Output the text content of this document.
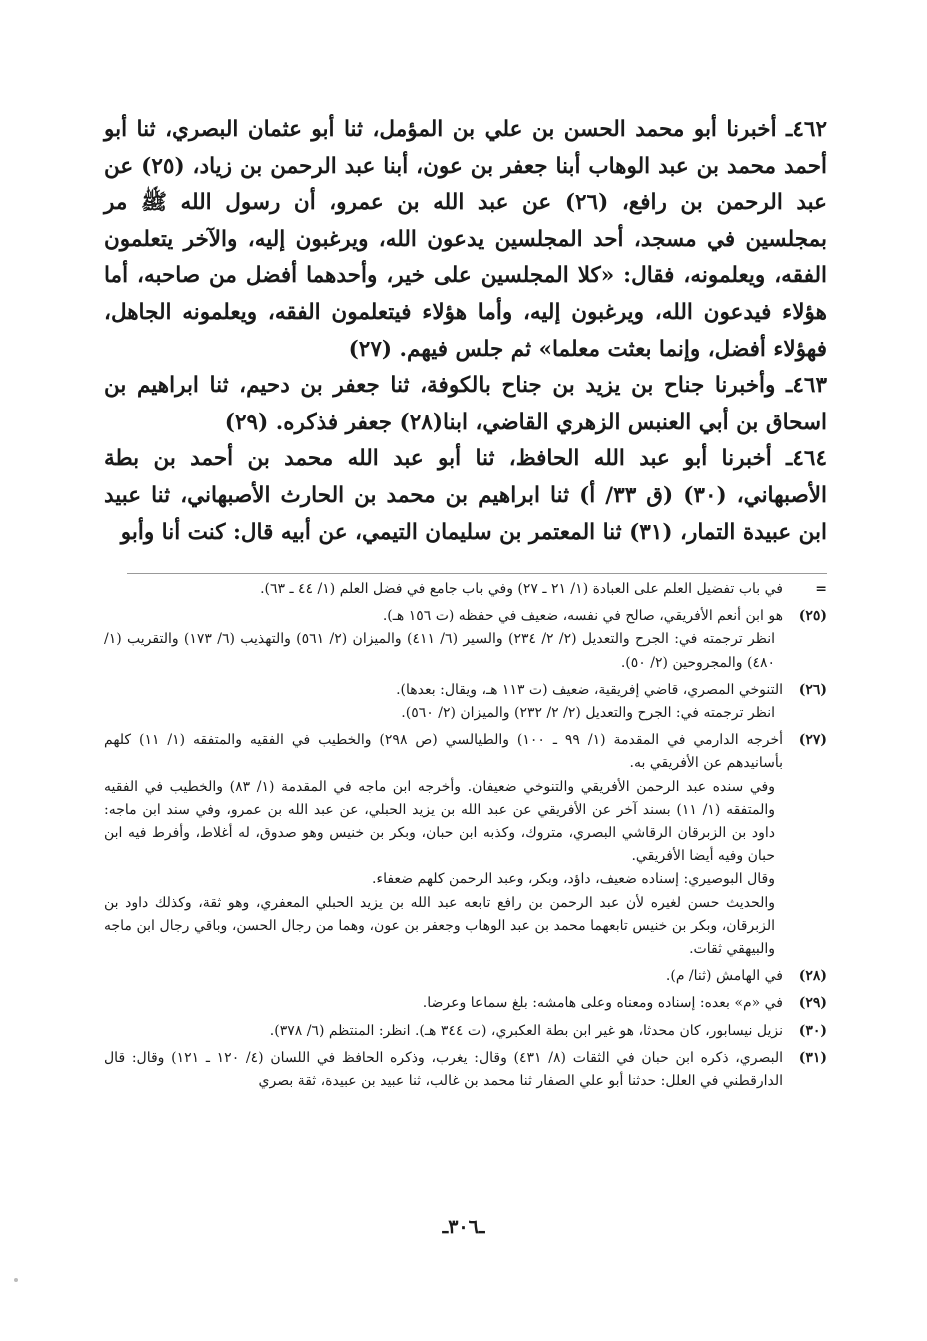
٤٦٢ـ أخبرنا أبو محمد الحسن بن علي بن المؤمل، ثنا أبو عثمان البصري، ثنا أبو أحمد محمد بن عبد الوهاب أبنا جعفر بن عون، أبنا عبد الرحمن بن زياد، (٢٥) عن عبد الرحمن بن رافع، (٢٦) عن عبد الله بن عمرو، أن رسول الله ﷺ مر بمجلسين في مسجد، أحد المجلسين يدعون الله، ويرغبون إليه، والآخر يتعلمون الفقه، ويعلمونه، فقال: «كلا المجلسين على خير، وأحدهما أفضل من صاحبه، أما هؤلاء فيدعون الله، ويرغبون إليه، وأما هؤلاء فيتعلمون الفقه، ويعلمونه الجاهل، فهؤلاء أفضل، وإنما بعثت معلما» ثم جلس فيهم. (٢٧)

٤٦٣ـ وأخبرنا جناح بن يزيد بن جناح بالكوفة، ثنا جعفر بن دحيم، ثنا ابراهيم بن اسحاق بن أبي العنبس الزهري القاضي، ابنا(٢٨) جعفر فذكره. (٢٩)

٤٦٤ـ أخبرنا أبو عبد الله الحافظ، ثنا أبو عبد الله محمد بن أحمد بن بطة الأصبهاني، (٣٠) (ق ٣٣/ أ) ثنا ابراهيم بن محمد بن الحارث الأصبهاني، ثنا عبيد ابن عبيدة التمار، (٣١) ثنا المعتمر بن سليمان التيمي، عن أبيه قال: كنت أنا وأبو

=
في باب تفضيل العلم على العبادة (١/ ٢١ ـ ٢٧) وفي باب جامع في فضل العلم (١/ ٤٤ ـ ٦٣).
(٢٥)
هو ابن أنعم الأفريقي، صالح في نفسه، ضعيف في حفظه (ت ١٥٦ هـ).
انظر ترجمته في: الجرح والتعديل (٢/ ٢/ ٢٣٤) والسير (٦/ ٤١١) والميزان (٢/ ٥٦١) والتهذيب (٦/ ١٧٣) والتقريب (١/ ٤٨٠) والمجروحين (٢/ ٥٠).
(٢٦)
التنوخي المصري، قاضي إفريقية، ضعيف (ت ١١٣ هـ، ويقال: بعدها).
انظر ترجمته في: الجرح والتعديل (٢/ ٢/ ٢٣٢) والميزان (٢/ ٥٦٠).
(٢٧)
أخرجه الدارمي في المقدمة (١/ ٩٩ ـ ١٠٠) والطيالسي (ص ٢٩٨) والخطيب في الفقيه والمتفقه (١/ ١١) كلهم بأسانيدهم عن الأفريقي به.
وفي سنده عبد الرحمن الأفريقي والتنوخي ضعيفان. وأخرجه ابن ماجه في المقدمة (١/ ٨٣) والخطيب في الفقيه والمتفقه (١/ ١١) بسند آخر عن الأفريقي عن عبد الله بن يزيد الحبلي، عن عبد الله بن عمرو، وفي سند ابن ماجه: داود بن الزبرقان الرقاشي البصري، متروك، وكذبه ابن حبان، وبكر بن خنيس وهو صدوق، له أغلاط، وأفرط فيه ابن حبان وفيه أيضا الأفريقي.
وقال البوصيري: إسناده ضعيف، داؤد، وبكر، وعبد الرحمن كلهم ضعفاء.
والحديث حسن لغيره لأن عبد الرحمن بن رافع تابعه عبد الله بن يزيد الحبلي المعفري، وهو ثقة، وكذلك داود بن الزبرقان، وبكر بن خنيس تابعهما محمد بن عبد الوهاب وجعفر بن عون، وهما من رجال الحسن، وباقي رجال ابن ماجه والبيهقي ثقات.
(٢٨)
في الهامش (ثنا/ م).
(٢٩)
في «م» بعده: إسناده ومعناه وعلى هامشه: بلغ سماعا وعرضا.
(٣٠)
نزيل نيسابور، كان محدثا، هو غير ابن بطة العكبري، (ت ٣٤٤ هـ). انظر: المنتظم (٦/ ٣٧٨).
(٣١)
البصري، ذكره ابن حبان في الثقات (٨/ ٤٣١) وقال: يغرب، وذكره الحافظ في اللسان (٤/ ١٢٠ ـ ١٢١) وقال: قال الدارقطني في العلل: حدثنا أبو علي الصفار ثنا محمد بن غالب، ثنا عبيد بن عبيدة، ثقة بصري
ـ٣٠٦ـ
